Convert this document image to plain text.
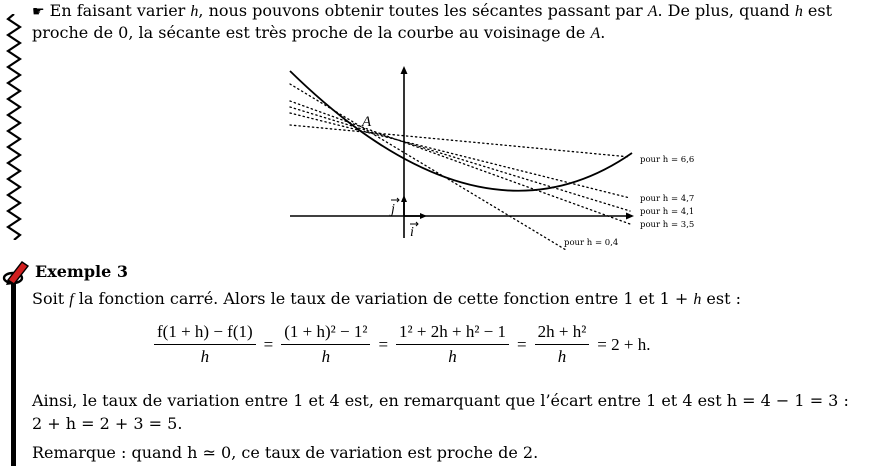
☛ En faisant varier h, nous pouvons obtenir toutes les sécantes passant par A. De plus, quand h est
proche de 0, la sécante est très proche de la courbe au voisinage de A.
A
j
i
pour h = 6,6
pour h = 4,7
pour h = 4,1
pour h = 3,5
pour h = 0,4
Exemple 3
Soit f la fonction carré. Alors le taux de variation de cette fonction entre 1 et 1 + h est :
$\frac{f(1 + h) - f(1)}{h} = \frac{\text{(1 + h)² − 1²}}{h} = \frac{\text{1² + 2h + h² − 1}}{h} = \frac{\text{2h + h²}}{h} = 2 + h$.
Ainsi, le taux de variation entre 1 et 4 est, en remarquant que l’écart entre 1 et 4 est h = 4 − 1 = 3 :
2 + h = 2 + 3 = 5.
Remarque : quand h ≃ 0, ce taux de variation est proche de 2.
